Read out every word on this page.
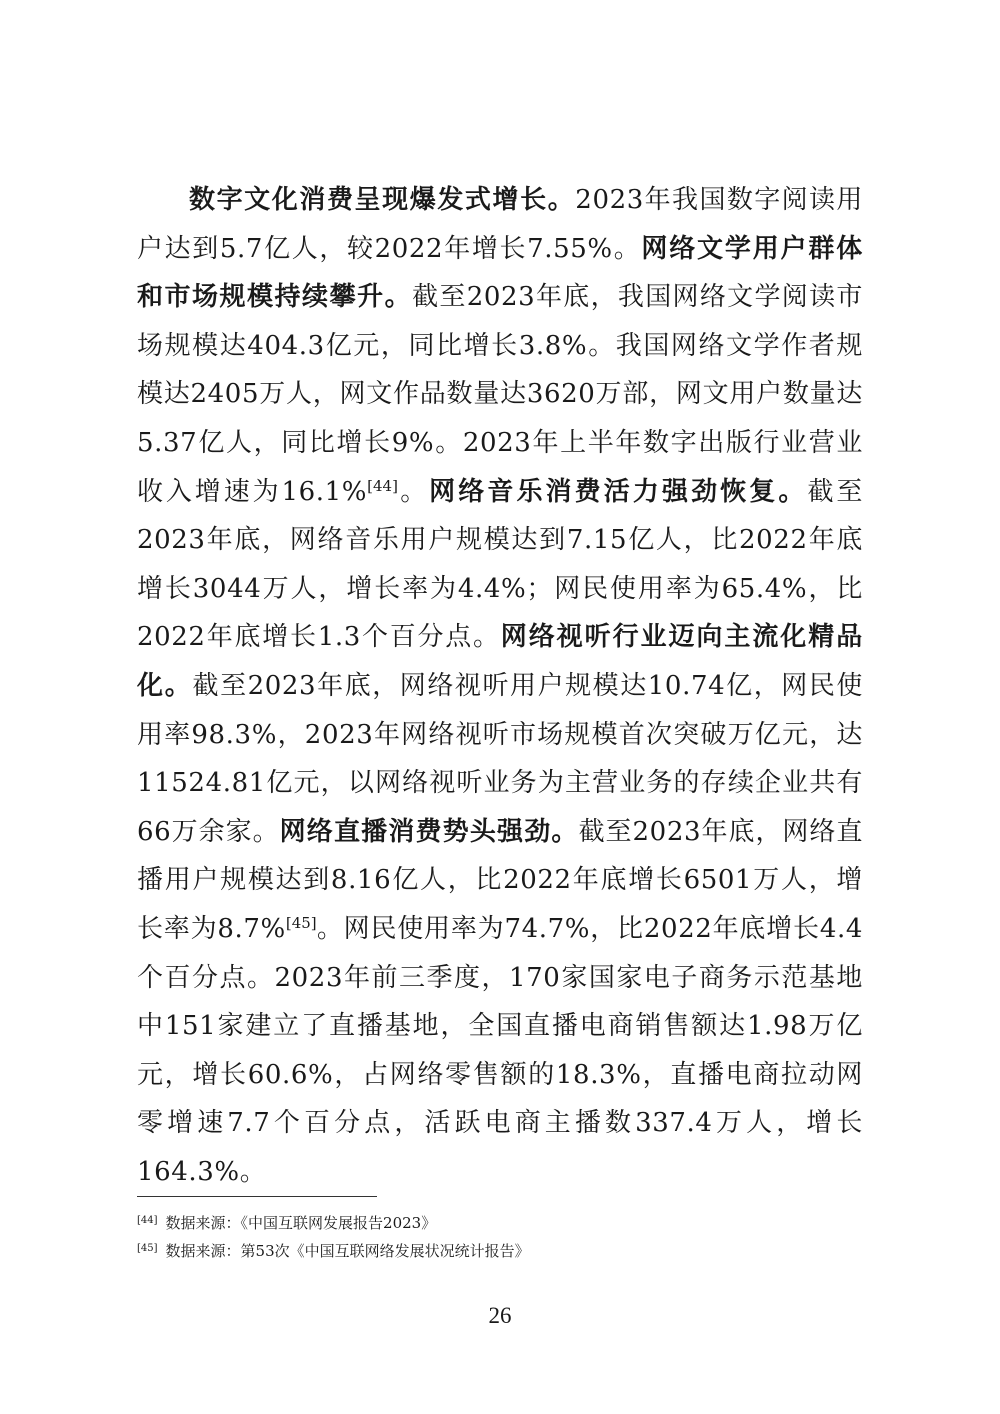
数字文化消费呈现爆发式增长。2023年我国数字阅读用户达到5.7亿人，较2022年增长7.55%。网络文学用户群体和市场规模持续攀升。截至2023年底，我国网络文学阅读市场规模达404.3亿元，同比增长3.8%。我国网络文学作者规模达2405万人，网文作品数量达3620万部，网文用户数量达5.37亿人，同比增长9%。2023年上半年数字出版行业营业收入增速为16.1%[44]。网络音乐消费活力强劲恢复。截至2023年底，网络音乐用户规模达到7.15亿人，比2022年底增长3044万人，增长率为4.4%；网民使用率为65.4%，比2022年底增长1.3个百分点。网络视听行业迈向主流化精品化。截至2023年底，网络视听用户规模达10.74亿，网民使用率98.3%，2023年网络视听市场规模首次突破万亿元，达11524.81亿元，以网络视听业务为主营业务的存续企业共有66万余家。网络直播消费势头强劲。截至2023年底，网络直播用户规模达到8.16亿人，比2022年底增长6501万人，增长率为8.7%[45]。网民使用率为74.7%，比2022年底增长4.4个百分点。2023年前三季度，170家国家电子商务示范基地中151家建立了直播基地，全国直播电商销售额达1.98万亿元，增长60.6%，占网络零售额的18.3%，直播电商拉动网零增速7.7个百分点，活跃电商主播数337.4万人，增长164.3%。

[44] 数据来源：《中国互联网发展报告2023》
[45] 数据来源：第53次《中国互联网络发展状况统计报告》
26
